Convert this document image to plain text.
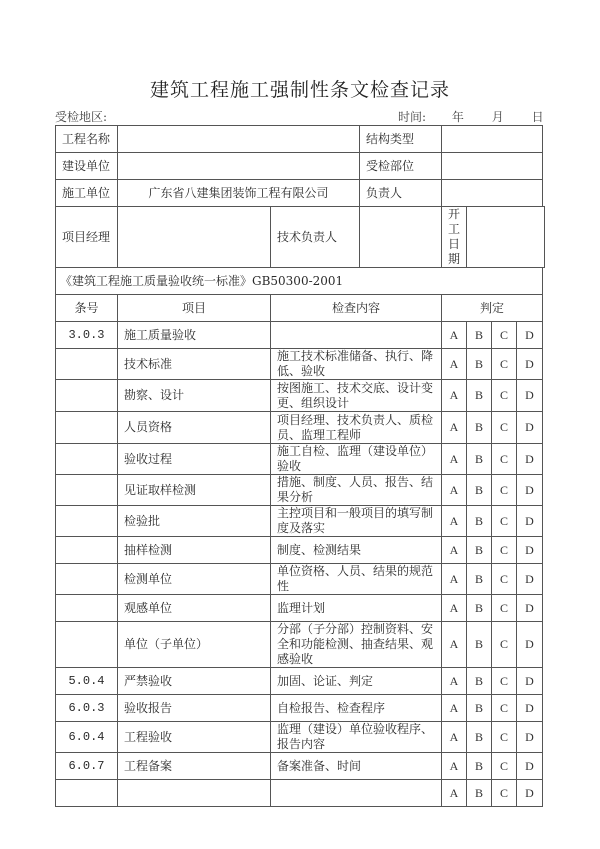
建筑工程施工强制性条文检查记录
受检地区:	时间: 年 月 日
工程名称			结构类型				
建设单位			受检部位				
施工单位	广东省八建集团装饰工程有限公司		负责人				
项目经理		技术负责人		开工日期			
《建筑工程施工质量验收统一标准》GB50300-2001							
条号	项目	检查内容		判定			
3.0.3	施工质量验收			A	B	C	D
	技术标准	施工技术标准储备、执行、降低、验收		A	B	C	D
	勘察、设计	按图施工、技术交底、设计变更、组织设计		A	B	C	D
	人员资格	项目经理、技术负责人、质检员、监理工程师		A	B	C	D
	验收过程	施工自检、监理（建设单位）验收		A	B	C	D
	见证取样检测	措施、制度、人员、报告、结果分析		A	B	C	D
	检验批	主控项目和一般项目的填写制度及落实		A	B	C	D
	抽样检测	制度、检测结果		A	B	C	D
	检测单位	单位资格、人员、结果的规范性		A	B	C	D
	观感单位	监理计划		A	B	C	D
	单位（子单位）	分部（子分部）控制资料、安全和功能检测、抽查结果、观感验收		A	B	C	D
5.0.4	严禁验收	加固、论证、判定		A	B	C	D
6.0.3	验收报告	自检报告、检查程序		A	B	C	D
6.0.4	工程验收	监理（建设）单位验收程序、报告内容		A	B	C	D
6.0.7	工程备案	备案准备、时间		A	B	C	D
				A	B	C	D
